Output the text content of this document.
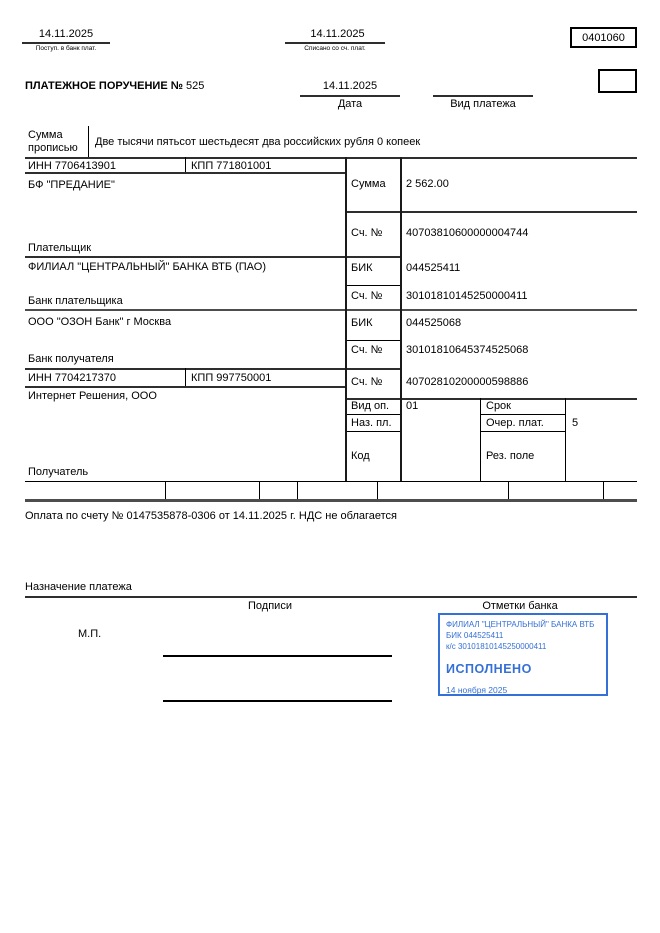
14.11.2025
Поступ. в банк плат.
14.11.2025
Списано со сч. плат.
0401060
ПЛАТЕЖНОЕ ПОРУЧЕНИЕ № 525	14.11.2025
Дата	Вид платежа
Сумма
прописью Две тысячи пятьсот шестьдесят два российских рубля 0 копеек
ИНН 7706413901	КПП 771801001
БФ "ПРЕДАНИЕ"
Плательщик
Сумма 2 562.00
Сч. № 40703810600000004744
ФИЛИАЛ "ЦЕНТРАЛЬНЫЙ" БАНКА ВТБ (ПАО)
Банк плательщика
БИК	044525411
Сч. № 30101810145250000411
ООО "ОЗОН Банк" г Москва
Банк получателя
БИК	044525068
Сч. № 30101810645374525068
ИНН 7704217370	КПП 997750001
Интернет Решения, ООО
Получатель
Сч. № 40702810200000598886
Вид оп. 01	Срок
Наз. пл.	Очер. плат.	5
Код	Рез. поле
Оплата по счету № 0147535878-0306 от 14.11.2025 г. НДС не облагается
Назначение платежа
Подписи	Отметки банка
М.П.
ФИЛИАЛ "ЦЕНТРАЛЬНЫЙ" БАНКА ВТБ
БИК 044525411
к/с 30101810145250000411
ИСПОЛНЕНО
14 ноября 2025
